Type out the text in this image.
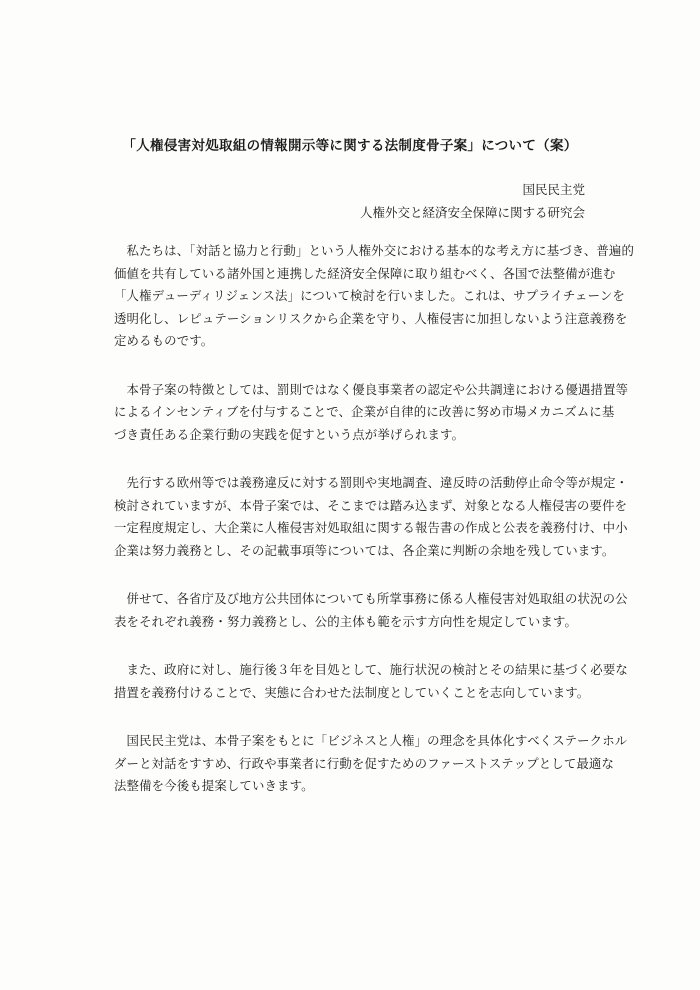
「人権侵害対処取組の情報開示等に関する法制度骨子案」について（案）
国民民主党
人権外交と経済安全保障に関する研究会
　私たちは、「対話と協力と行動」という人権外交における基本的な考え方に基づき、普遍的
価値を共有している諸外国と連携した経済安全保障に取り組むべく、各国で法整備が進む
「人権デューディリジェンス法」について検討を行いました。これは、サプライチェーンを
透明化し、レピュテーションリスクから企業を守り、人権侵害に加担しないよう注意義務を
定めるものです。
　本骨子案の特徴としては、罰則ではなく優良事業者の認定や公共調達における優遇措置等
によるインセンティブを付与することで、企業が自律的に改善に努め市場メカニズムに基
づき責任ある企業行動の実践を促すという点が挙げられます。
　先行する欧州等では義務違反に対する罰則や実地調査、違反時の活動停止命令等が規定・
検討されていますが、本骨子案では、そこまでは踏み込まず、対象となる人権侵害の要件を
一定程度規定し、大企業に人権侵害対処取組に関する報告書の作成と公表を義務付け、中小
企業は努力義務とし、その記載事項等については、各企業に判断の余地を残しています。
　併せて、各省庁及び地方公共団体についても所掌事務に係る人権侵害対処取組の状況の公
表をそれぞれ義務・努力義務とし、公的主体も範を示す方向性を規定しています。
　また、政府に対し、施行後３年を目処として、施行状況の検討とその結果に基づく必要な
措置を義務付けることで、実態に合わせた法制度としていくことを志向しています。
　国民民主党は、本骨子案をもとに「ビジネスと人権」の理念を具体化すべくステークホル
ダーと対話をすすめ、行政や事業者に行動を促すためのファーストステップとして最適な
法整備を今後も提案していきます。
